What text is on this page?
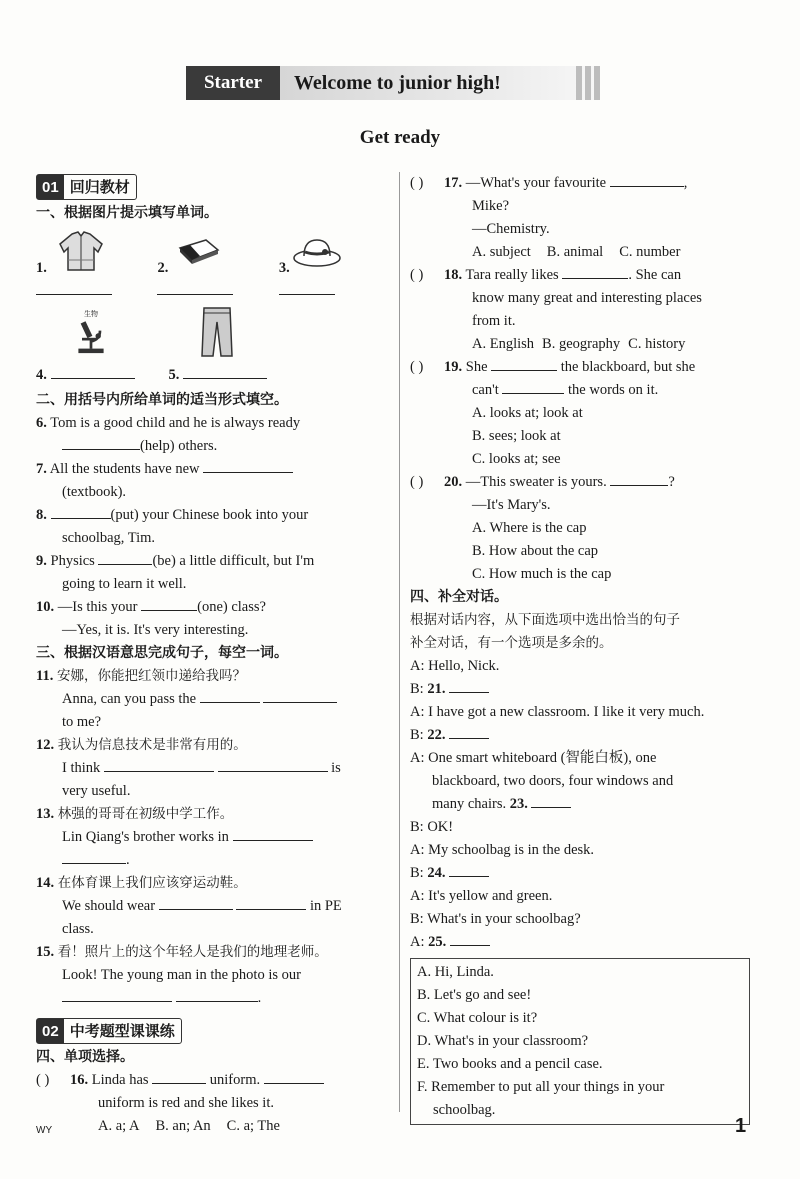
Starter	Welcome to junior high!
Get ready
01 回归教材
一、根据图片提示填写单词。
1.	2.	3.
生物
4.	5.
二、用括号内所给单词的适当形式填空。
6. Tom is a good child and he is always ready
(help) others.
7. All the students have new
(textbook).
8.	(put) your Chinese book into your
schoolbag, Tim.
9. Physics	(be) a little difficult, but I'm
going to learn it well.
10. —Is this your	(one) class?
—Yes, it is. It's very interesting.
三、根据汉语意思完成句子，每空一词。
11. 安娜，你能把红领巾递给我吗？
Anna, can you pass the
to me?
12. 我认为信息技术是非常有用的。
I think	is
very useful.
13. 林强的哥哥在初级中学工作。
Lin Qiang's brother works in
.
14. 在体育课上我们应该穿运动鞋。
We should wear	in PE
class.
15. 看！照片上的这个年轻人是我们的地理老师。
Look! The young man in the photo is our
.
02 中考题型课课练
四、单项选择。
( ) 16. Linda has	uniform.
uniform is red and she likes it.
A. a; A B. an; An C. a; The
( ) 17. —What's your favourite	,
Mike?
—Chemistry.
A. subject B. animal C. number
( ) 18. Tara really likes	. She can
know many great and interesting places
from it.
A. English B. geography C. history
( ) 19. She	the blackboard, but she
can't	the words on it.
A. looks at; look at
B. sees; look at
C. looks at; see
( ) 20. —This sweater is yours.	?
—It's Mary's.
A. Where is the cap
B. How about the cap
C. How much is the cap
四、补全对话。
根据对话内容，从下面选项中选出恰当的句子
补全对话，有一个选项是多余的。
A: Hello, Nick.
B: 21.
A: I have got a new classroom. I like it very much.
B: 22.
A: One smart whiteboard (智能白板), one
blackboard, two doors, four windows and
many chairs. 23.
B: OK!
A: My schoolbag is in the desk.
B: 24.
A: It's yellow and green.
B: What's in your schoolbag?
A: 25.
A. Hi, Linda.
B. Let's go and see!
C. What colour is it?
D. What's in your classroom?
E. Two books and a pencil case.
F. Remember to put all your things in your
schoolbag.
WY	1
